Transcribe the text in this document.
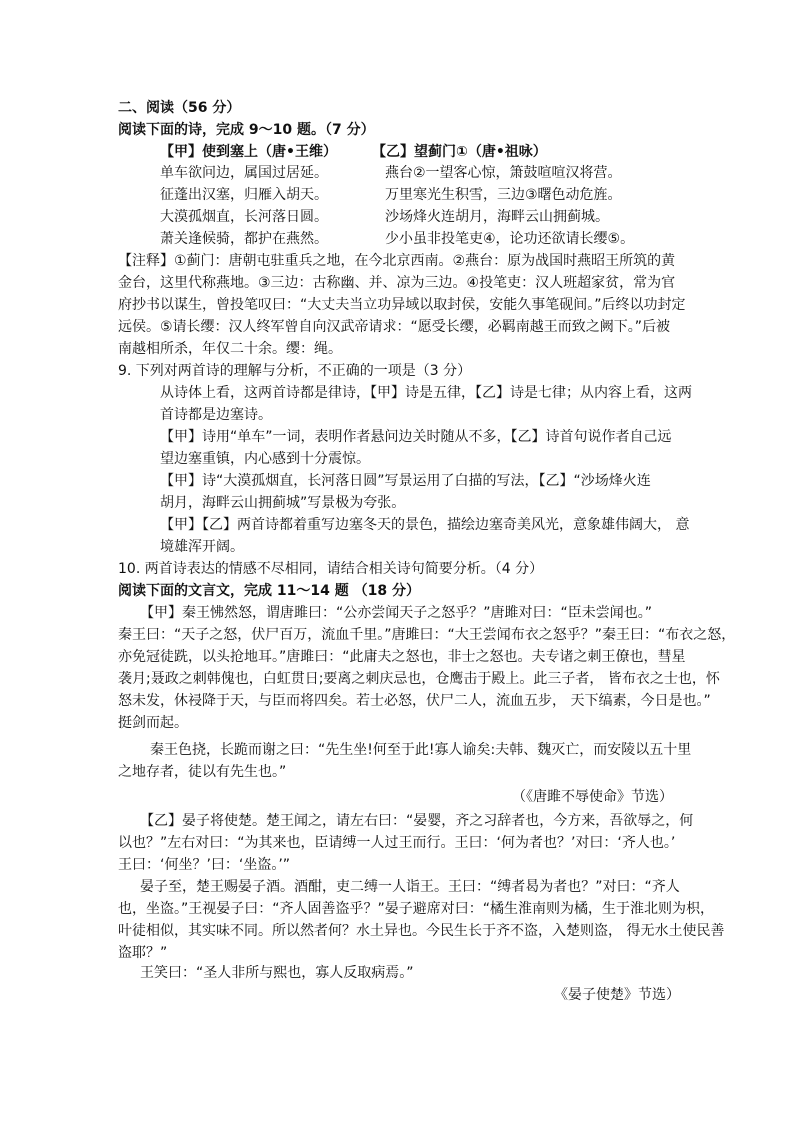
二、阅读（56 分）
阅读下面的诗，完成 9～10 题。（7 分）
【甲】使到塞上（唐•王维）	【乙】望蓟门①（唐•祖咏）
单车欲问边，属国过居延。
征蓬出汉塞，归雁入胡天。
大漠孤烟直，长河落日圆。
萧关逢候骑，都护在燕然。
燕台②一望客心惊，箫鼓喧喧汉将营。
万里寒光生积雪，三边③曙色动危旌。
沙场烽火连胡月，海畔云山拥蓟城。
少小虽非投笔吏④，论功还欲请长缨⑤。
【注释】①蓟门：唐朝屯驻重兵之地，在今北京西南。②燕台：原为战国时燕昭王所筑的黄
金台，这里代称燕地。③三边：古称幽、并、凉为三边。④投笔吏：汉人班超家贫，常为官
府抄书以谋生，曾投笔叹曰：“大丈夫当立功异域以取封侯，安能久事笔砚间。”后终以功封定
远侯。⑤请长缨：汉人终军曾自向汉武帝请求：“愿受长缨，必羁南越王而致之阙下。”后被
南越相所杀，年仅二十余。缨：绳。
9. 下列对两首诗的理解与分析，不正确的一项是（3 分）
从诗体上看，这两首诗都是律诗，【甲】诗是五律，【乙】诗是七律；从内容上看，这两
首诗都是边塞诗。
【甲】诗用“单车”一词，表明作者悬问边关时随从不多，【乙】诗首句说作者自己远
望边塞重镇，内心感到十分震惊。
【甲】诗“大漠孤烟直，长河落日圆”写景运用了白描的写法，【乙】“沙场烽火连
胡月，海畔云山拥蓟城”写景极为夸张。
【甲】【乙】两首诗都着重写边塞冬天的景色，描绘边塞奇美风光，意象雄伟阔大， 意
境雄浑开阔。
10. 两首诗表达的情感不尽相同，请结合相关诗句简要分析。（4 分）
阅读下面的文言文，完成 11～14 题 （18 分）
【甲】秦王怫然怒，谓唐雎曰：“公亦尝闻天子之怒乎？”唐雎对曰：“臣未尝闻也。”
秦王曰：“天子之怒，伏尸百万，流血千里。”唐雎曰：“大王尝闻布衣之怒乎？”秦王曰：“布衣之怒，
亦免冠徒跣，以头抢地耳。”唐雎曰：“此庸夫之怒也，非士之怒也。夫专诸之刺王僚也，彗星
袭月;聂政之刺韩傀也，白虹贯日;要离之刺庆忌也，仓鹰击于殿上。此三子者， 皆布衣之士也，怀
怒未发，休祲降于天，与臣而将四矣。若士必怒，伏尸二人，流血五步， 天下缟素，今日是也。”
挺剑而起。
秦王色挠，长跪而谢之曰：“先生坐!何至于此!寡人谕矣:夫韩、魏灭亡，而安陵以五十里
之地存者，徒以有先生也。”
（《唐雎不辱使命》节选）
【乙】晏子将使楚。楚王闻之，请左右曰：“晏婴，齐之习辞者也，今方来，吾欲辱之，何
以也？”左右对曰：“为其来也，臣请缚一人过王而行。王曰：‘何为者也？’对曰：‘齐人也。’
王曰：‘何坐？’曰：‘坐盗。’”
晏子至，楚王赐晏子酒。酒酣，吏二缚一人诣王。王曰：“缚者曷为者也？”对曰：“齐人
也，坐盗。”王视晏子曰：“齐人固善盗乎？”晏子避席对曰：“橘生淮南则为橘，生于淮北则为枳，
叶徒相似，其实味不同。所以然者何？水土异也。今民生长于齐不盗，入楚则盗， 得无水土使民善
盗耶？”
王笑曰：“圣人非所与熙也，寡人反取病焉。”
《晏子使楚》节选）
